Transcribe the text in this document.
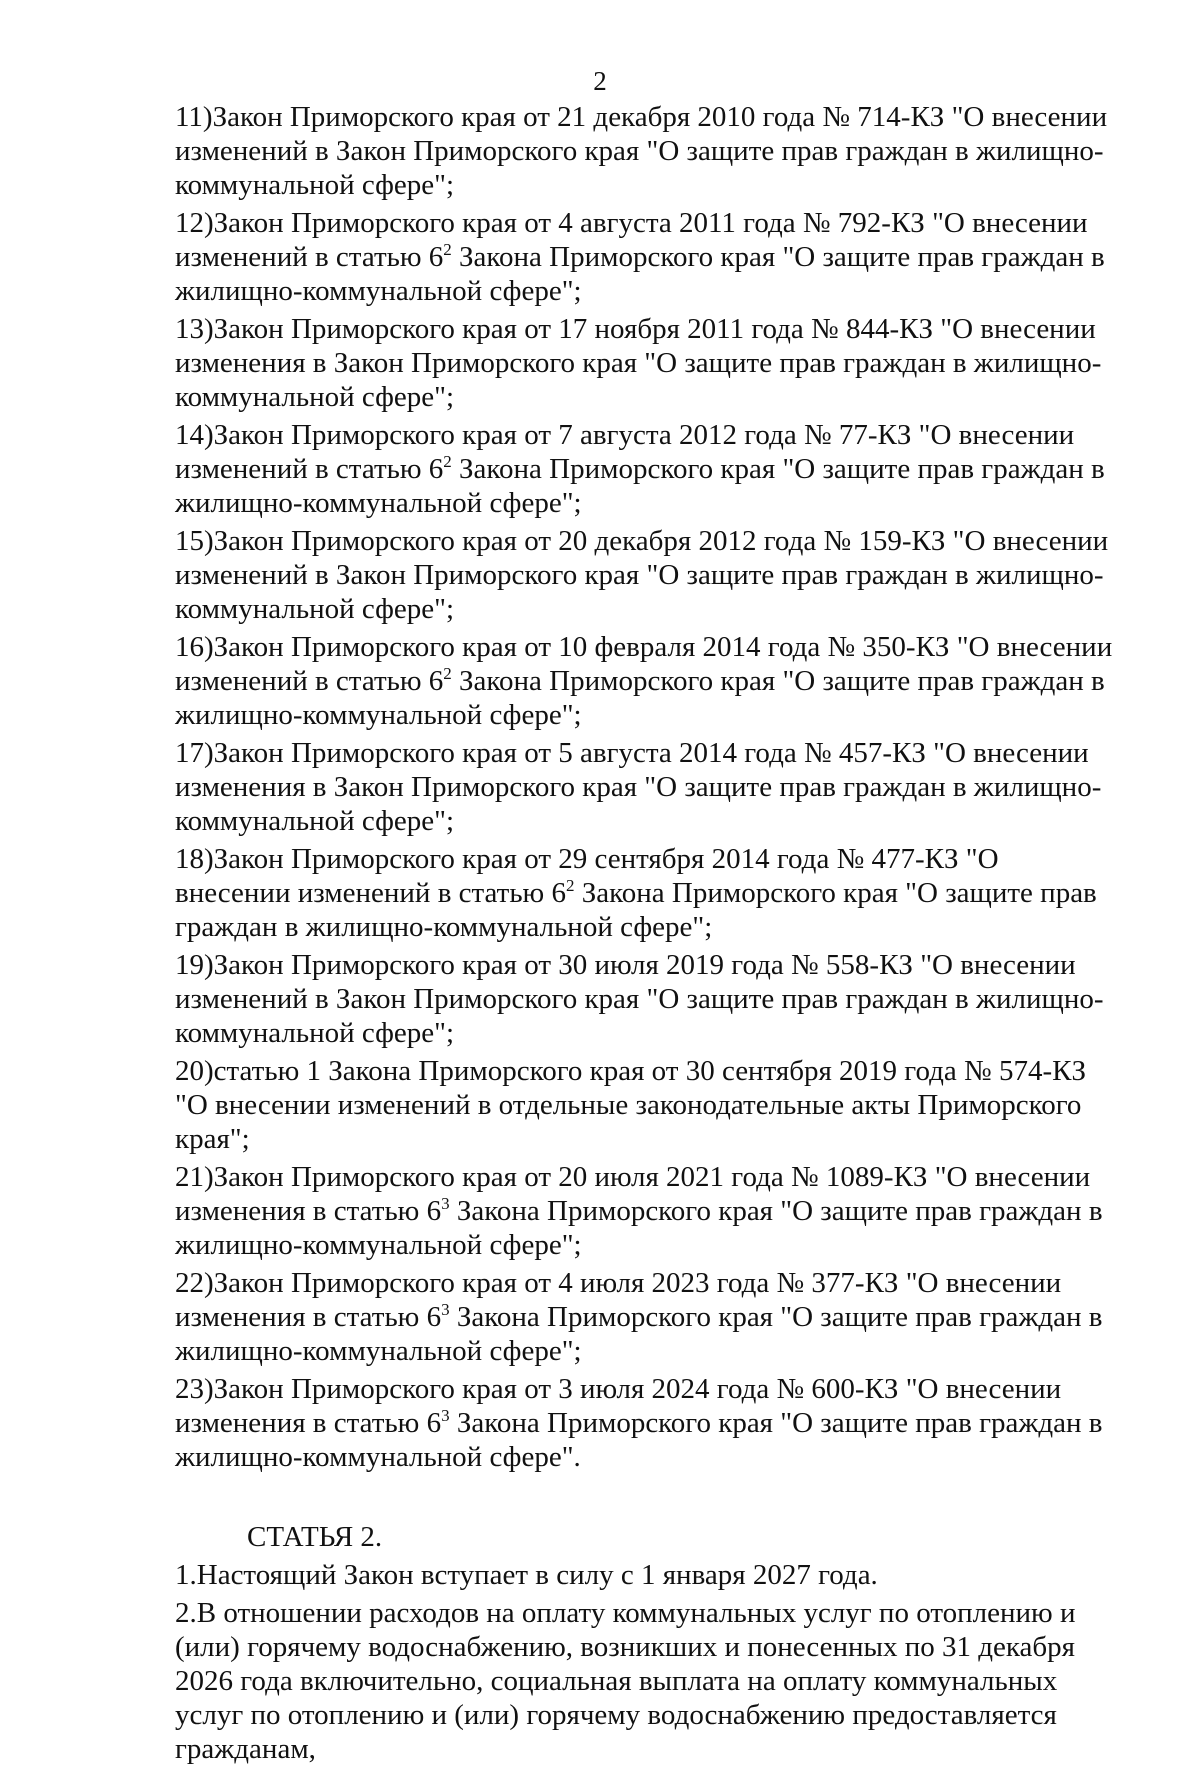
2
11)Закон Приморского края от 21 декабря 2010 года № 714-КЗ "О внесении изменений в Закон Приморского края "О защите прав граждан в жилищно-коммунальной сфере";
12)Закон Приморского края от 4 августа 2011 года № 792-КЗ "О внесении изменений в статью $6^2$ Закона Приморского края "О защите прав граждан в жилищно-коммунальной сфере";
13)Закон Приморского края от 17 ноября 2011 года № 844-КЗ "О внесении изменения в Закон Приморского края "О защите прав граждан в жилищно-коммунальной сфере";
14)Закон Приморского края от 7 августа 2012 года № 77-КЗ "О внесении изменений в статью $6^2$ Закона Приморского края "О защите прав граждан в жилищно-коммунальной сфере";
15)Закон Приморского края от 20 декабря 2012 года № 159-КЗ "О внесении изменений в Закон Приморского края "О защите прав граждан в жилищно-коммунальной сфере";
16)Закон Приморского края от 10 февраля 2014 года № 350-КЗ "О внесении изменений в статью $6^2$ Закона Приморского края "О защите прав граждан в жилищно-коммунальной сфере";
17)Закон Приморского края от 5 августа 2014 года № 457-КЗ "О внесении изменения в Закон Приморского края "О защите прав граждан в жилищно-коммунальной сфере";
18)Закон Приморского края от 29 сентября 2014 года № 477-КЗ "О внесении изменений в статью $6^2$ Закона Приморского края "О защите прав граждан в жилищно-коммунальной сфере";
19)Закон Приморского края от 30 июля 2019 года № 558-КЗ "О внесении изменений в Закон Приморского края "О защите прав граждан в жилищно-коммунальной сфере";
20)статью 1 Закона Приморского края от 30 сентября 2019 года № 574-КЗ "О внесении изменений в отдельные законодательные акты Приморского края";
21)Закон Приморского края от 20 июля 2021 года № 1089-КЗ "О внесении изменения в статью $6^3$ Закона Приморского края "О защите прав граждан в жилищно-коммунальной сфере";
22)Закон Приморского края от 4 июля 2023 года № 377-КЗ "О внесении изменения в статью $6^3$ Закона Приморского края "О защите прав граждан в жилищно-коммунальной сфере";
23)Закон Приморского края от 3 июля 2024 года № 600-КЗ "О внесении изменения в статью $6^3$ Закона Приморского края "О защите прав граждан в жилищно-коммунальной сфере".
СТАТЬЯ 2.
1.Настоящий Закон вступает в силу с 1 января 2027 года.
2.В отношении расходов на оплату коммунальных услуг по отоплению и (или) горячему водоснабжению, возникших и понесенных по 31 декабря 2026 года включительно, социальная выплата на оплату коммунальных услуг по отоплению и (или) горячему водоснабжению предоставляется гражданам,
